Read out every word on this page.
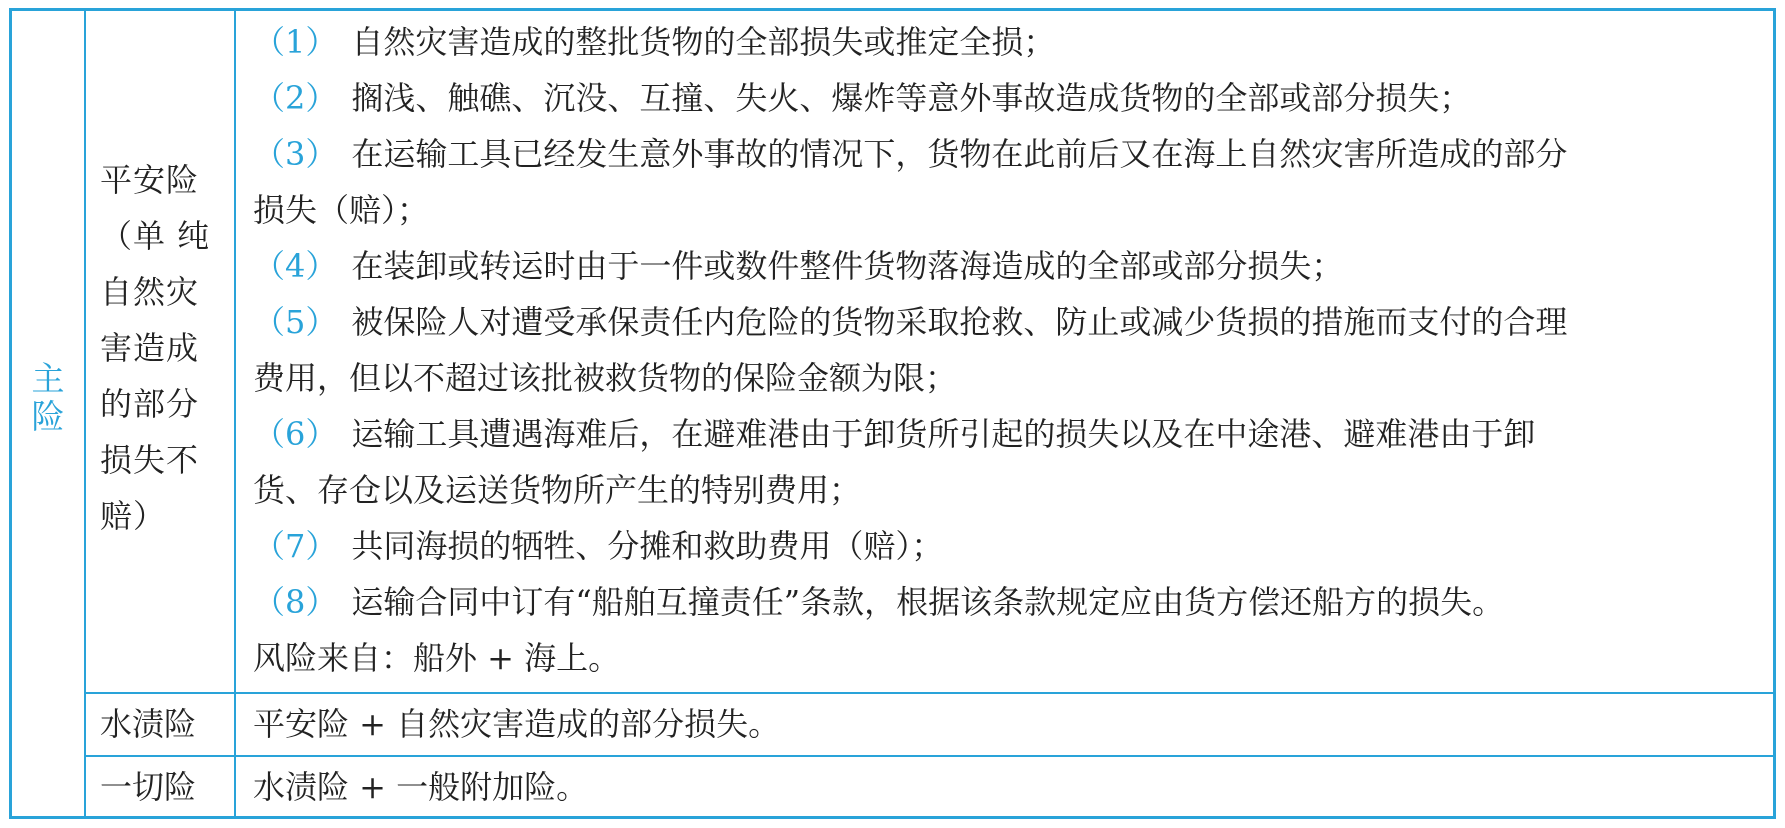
主
险
平安险
（单 纯
自然灾
害造成
的部分
损失不
赔）
（1） 自然灾害造成的整批货物的全部损失或推定全损；
（2） 搁浅、触礁、沉没、互撞、失火、爆炸等意外事故造成货物的全部或部分损失；
（3） 在运输工具已经发生意外事故的情况下，货物在此前后又在海上自然灾害所造成的部分
损失（赔）；
（4） 在装卸或转运时由于一件或数件整件货物落海造成的全部或部分损失；
（5） 被保险人对遭受承保责任内危险的货物采取抢救、防止或减少货损的措施而支付的合理
费用，但以不超过该批被救货物的保险金额为限；
（6） 运输工具遭遇海难后，在避难港由于卸货所引起的损失以及在中途港、避难港由于卸
货、存仓以及运送货物所产生的特别费用；
（7） 共同海损的牺牲、分摊和救助费用（赔）；
（8） 运输合同中订有“船舶互撞责任”条款，根据该条款规定应由货方偿还船方的损失。
风险来自：船外 + 海上。
水渍险	平安险 + 自然灾害造成的部分损失。
一切险	水渍险 + 一般附加险。
